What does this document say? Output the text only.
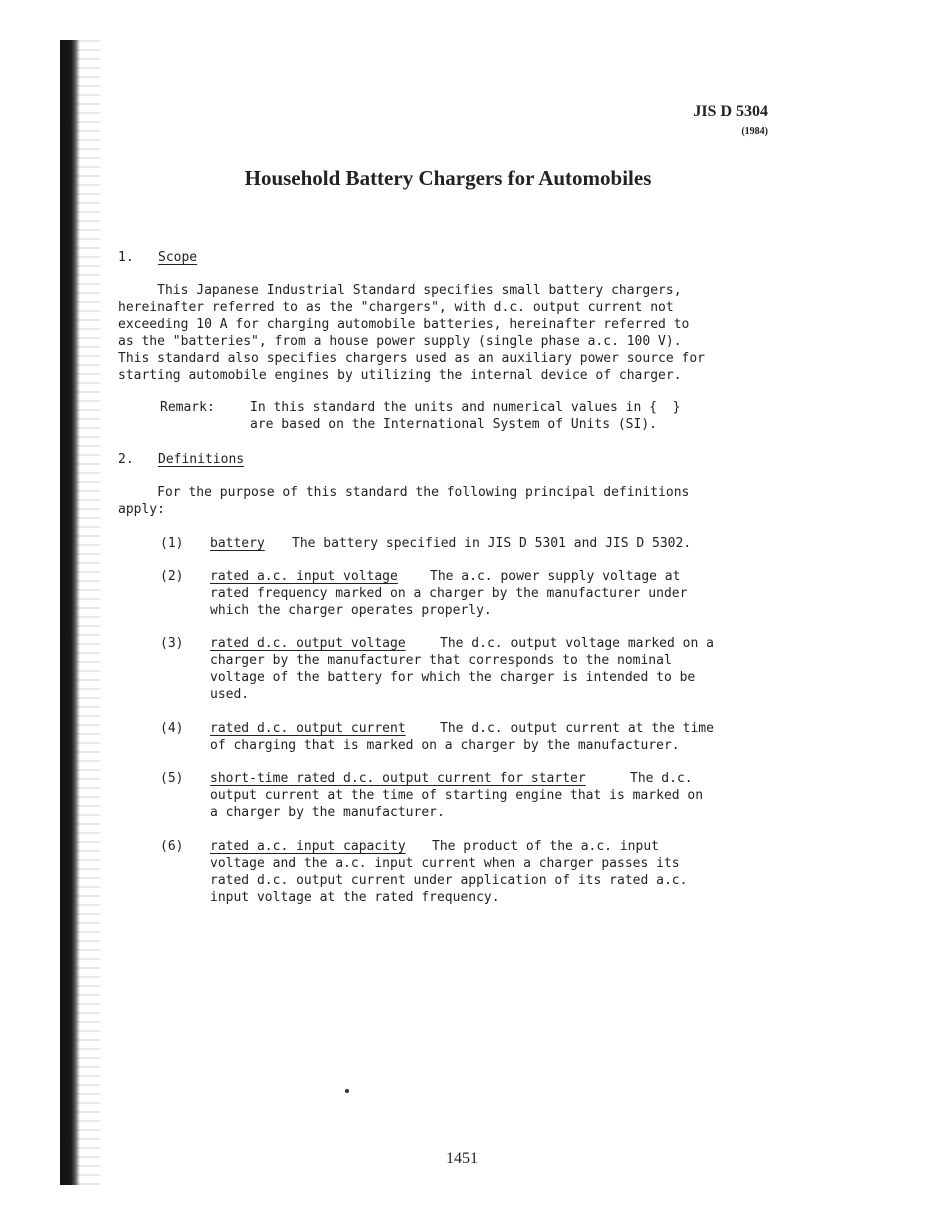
JIS D 5304
(1984)
Household Battery Chargers for Automobiles
1. Scope
This Japanese Industrial Standard specifies small battery chargers,
hereinafter referred to as the "chargers", with d.c. output current not
exceeding 10 A for charging automobile batteries, hereinafter referred to
as the "batteries", from a house power supply (single phase a.c. 100 V).
This standard also specifies chargers used as an auxiliary power source for
starting automobile engines by utilizing the internal device of charger.
Remark:	In this standard the units and numerical values in {  }
are based on the International System of Units (SI).
2. Definitions
For the purpose of this standard the following principal definitions
apply:
(1) battery The battery specified in JIS D 5301 and JIS D 5302.
(2) rated a.c. input voltage The a.c. power supply voltage at
rated frequency marked on a charger by the manufacturer under
which the charger operates properly.
(3) rated d.c. output voltage	The d.c. output voltage marked on a
charger by the manufacturer that corresponds to the nominal
voltage of the battery for which the charger is intended to be
used.
(4) rated d.c. output current	The d.c. output current at the time
of charging that is marked on a charger by the manufacturer.
(5) short-time rated d.c. output current for starter	The d.c.
output current at the time of starting engine that is marked on
a charger by the manufacturer.
(6) rated a.c. input capacity The product of the a.c. input
voltage and the a.c. input current when a charger passes its
rated d.c. output current under application of its rated a.c.
input voltage at the rated frequency.
1451
